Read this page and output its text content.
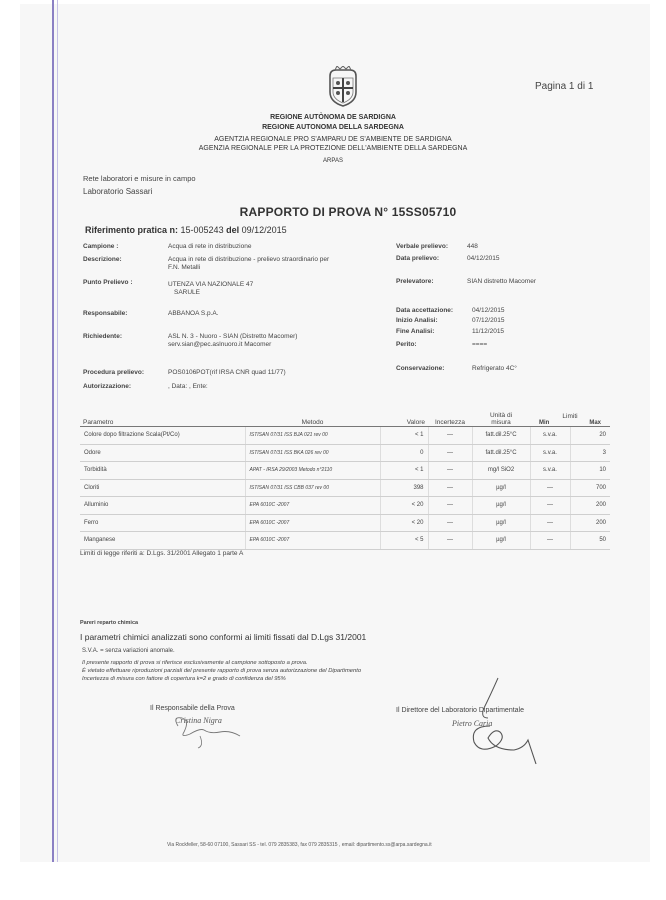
Pagina 1 di 1
REGIONE AUTÒNOMA DE SARDIGNA
REGIONE AUTONOMA DELLA SARDEGNA
AGENTZIA REGIONALE PRO S'AMPARU DE S'AMBIENTE DE SARDIGNA
AGENZIA REGIONALE PER LA PROTEZIONE DELL'AMBIENTE DELLA SARDEGNA
ARPAS
Rete laboratori e misure in campo
Laboratorio Sassari
RAPPORTO DI PROVA N° 15SS05710
Riferimento pratica n: 15-005243 del 09/12/2015
Campione :	Acqua di rete in distribuzione
Descrizione:	Acqua in rete di distribuzione - prelievo straordinario per
F.N. Metalli
Punto Prelievo :	UTENZA VIA NAZIONALE 47
SARULE
Responsabile:	ABBANOA S.p.A.
Richiedente:	ASL N. 3 - Nuoro - SIAN (Distretto Macomer)
serv.sian@pec.aslnuoro.it Macomer
Procedura prelievo:	POS0106POT(rif IRSA CNR quad 11/77)
Autorizzazione:	, Data: , Ente:
Verbale prelievo:	448
Data prelievo:	04/12/2015
Prelevatore:	SIAN distretto Macomer
Data accettazione:	04/12/2015
Inizio Analisi:	07/12/2015
Fine Analisi:	11/12/2015
Perito:	====
Conservazione:	Refrigerato 4C°
Parametro	Metodo	Valore	Incertezza	
Unità di
misura

Limiti
Min	Max

Colore dopo filtrazione Scala(Pt/Co)	ISTISAN 07/31 ISS BJA 021 rev 00	< 1	—	fatt.dil.25°C	s.v.a.	20
Odore	ISTISAN 07/31 ISS BKA 026 rev 00	0	—	fatt.dil.25°C	s.v.a.	3
Torbidità	APAT - IRSA 29/2003 Metodo n°2110	< 1	—	mg/l SiO2	s.v.a.	10
Cloriti	ISTISAN 07/31 ISS CBB 037 rev 00	398	—	µg/l	—	700
Alluminio	EPA 6010C -2007	< 20	—	µg/l	—	200
Ferro	EPA 6010C -2007	< 20	—	µg/l	—	200
Manganese	EPA 6010C -2007	< 5	—	µg/l	—	50
Limiti di legge riferiti a: D.Lgs. 31/2001 Allegato 1 parte A
Pareri reparto chimica
I parametri chimici analizzati sono conformi ai limiti fissati dal D.Lgs 31/2001
S.V.A. = senza variazioni anomale.
Il presente rapporto di prova si riferisce esclusivamente al campione sottoposto a prova.
È vietato effettuare riproduzioni parziali del presente rapporto di prova senza autorizzazione del Dipartimento
Incertezza di misura con fattore di copertura k=2 e grado di confidenza del 95%
Il Responsabile della Prova
Cristina Nigra
Il Direttore del Laboratorio Dipartimentale
Pietro Caria
Via Rockfeller, 58-60 07100, Sassari SS - tel. 079 2835383, fax 079 2835315 , email: dipartimento.ss@arpa.sardegna.it
